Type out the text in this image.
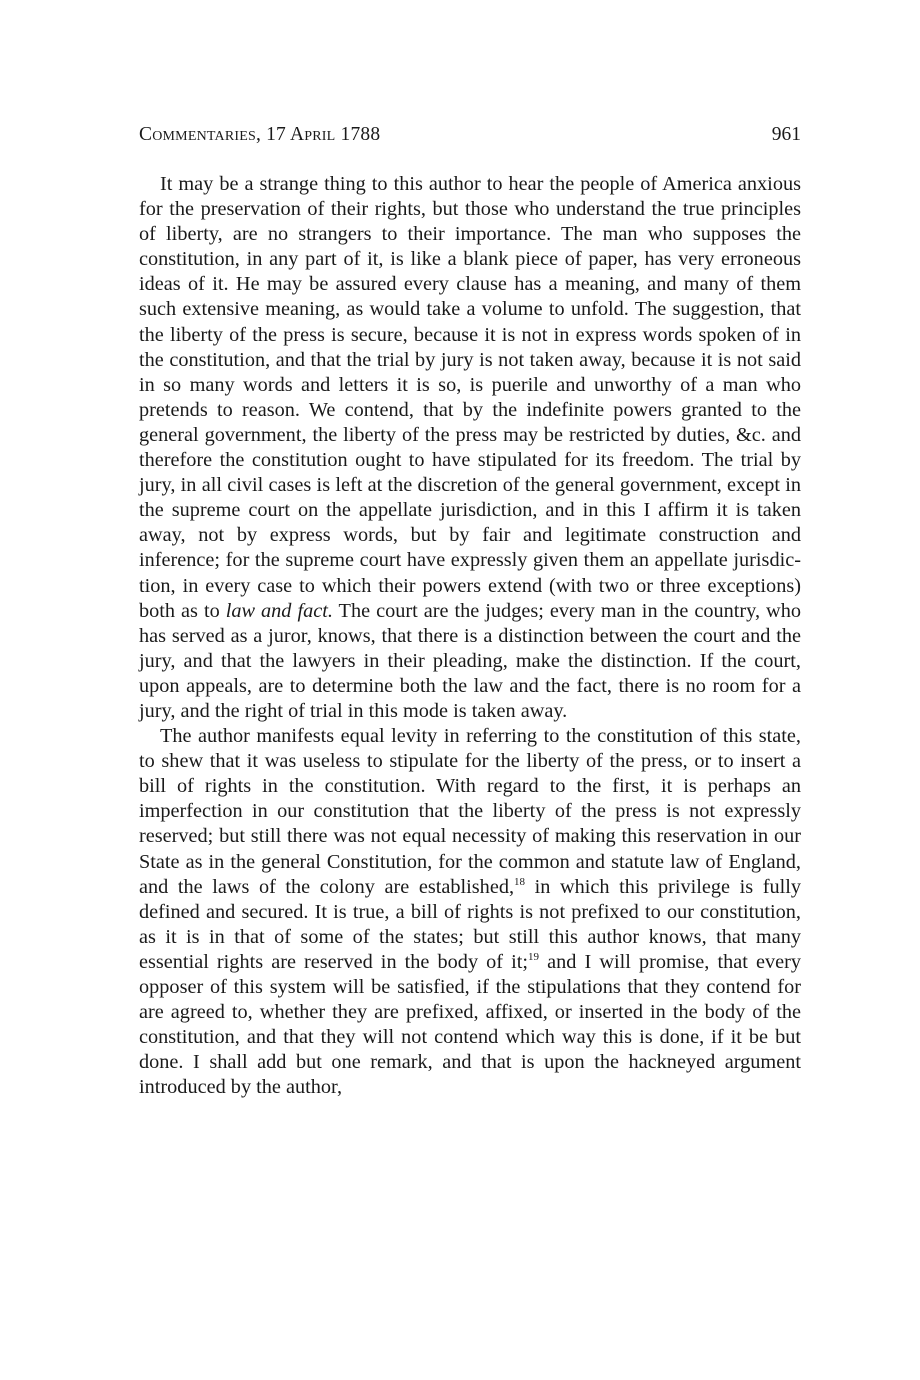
Commentaries, 17 April 1788	961

It may be a strange thing to this author to hear the people of America anxious for the preservation of their rights, but those who understand the true principles of liberty, are no strangers to their importance. The man who supposes the constitution, in any part of it, is like a blank piece of paper, has very erroneous ideas of it. He may be assured every clause has a meaning, and many of them such extensive meaning, as would take a volume to unfold. The suggestion, that the liberty of the press is secure, because it is not in express words spoken of in the constitution, and that the trial by jury is not taken away, because it is not said in so many words and letters it is so, is puerile and unworthy of a man who pretends to reason. We contend, that by the indefinite powers granted to the general government, the liberty of the press may be restricted by duties, &c. and therefore the constitution ought to have stipulated for its freedom. The trial by jury, in all civil cases is left at the discretion of the general government, except in the supreme court on the appellate jurisdiction, and in this I affirm it is taken away, not by express words, but by fair and legitimate construction and inference; for the supreme court have expressly given them an appellate jurisdiction, in every case to which their powers extend (with two or three exceptions) both as to law and fact. The court are the judges; every man in the country, who has served as a juror, knows, that there is a distinction between the court and the jury, and that the lawyers in their pleading, make the distinction. If the court, upon appeals, are to determine both the law and the fact, there is no room for a jury, and the right of trial in this mode is taken away.

The author manifests equal levity in referring to the constitution of this state, to shew that it was useless to stipulate for the liberty of the press, or to insert a bill of rights in the constitution. With regard to the first, it is perhaps an imperfection in our constitution that the liberty of the press is not expressly reserved; but still there was not equal necessity of making this reservation in our State as in the general Constitution, for the common and statute law of England, and the laws of the colony are established,$^{18}$ in which this privilege is fully defined and secured. It is true, a bill of rights is not prefixed to our constitution, as it is in that of some of the states; but still this author knows, that many essential rights are reserved in the body of it;$^{19}$ and I will promise, that every opposer of this system will be satisfied, if the stipulations that they contend for are agreed to, whether they are prefixed, affixed, or inserted in the body of the constitution, and that they will not contend which way this is done, if it be but done. I shall add but one remark, and that is upon the hackneyed argument introduced by the author,
